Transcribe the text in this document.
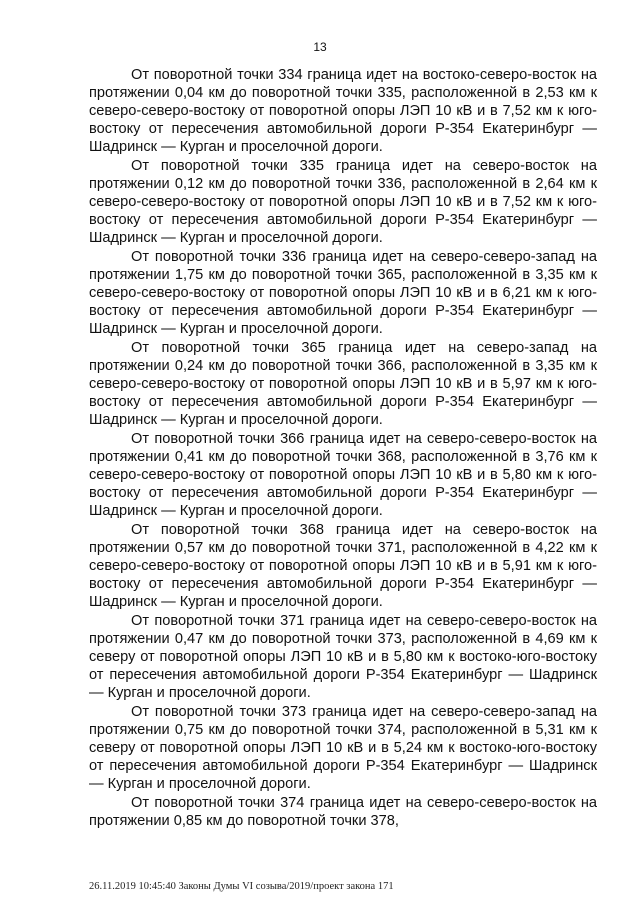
13

От поворотной точки 334 граница идет на востоко-северо-восток на протяжении 0,04 км до поворотной точки 335, расположенной в 2,53 км к северо-северо-востоку от поворотной опоры ЛЭП 10 кВ и в 7,52 км к юго-востоку от пересечения автомобильной дороги Р-354 Екатеринбург — Шадринск — Курган и проселочной дороги.

От поворотной точки 335 граница идет на северо-восток на протяжении 0,12 км до поворотной точки 336, расположенной в 2,64 км к северо-северо-востоку от поворотной опоры ЛЭП 10 кВ и в 7,52 км к юго-востоку от пересечения автомобильной дороги Р-354 Екатеринбург — Шадринск — Курган и проселочной дороги.

От поворотной точки 336 граница идет на северо-северо-запад на протяжении 1,75 км до поворотной точки 365, расположенной в 3,35 км к северо-северо-востоку от поворотной опоры ЛЭП 10 кВ и в 6,21 км к юго-востоку от пересечения автомобильной дороги Р-354 Екатеринбург — Шадринск — Курган и проселочной дороги.

От поворотной точки 365 граница идет на северо-запад на протяжении 0,24 км до поворотной точки 366, расположенной в 3,35 км к северо-северо-востоку от поворотной опоры ЛЭП 10 кВ и в 5,97 км к юго-востоку от пересечения автомобильной дороги Р-354 Екатеринбург — Шадринск — Курган и проселочной дороги.

От поворотной точки 366 граница идет на северо-северо-восток на протяжении 0,41 км до поворотной точки 368, расположенной в 3,76 км к северо-северо-востоку от поворотной опоры ЛЭП 10 кВ и в 5,80 км к юго-востоку от пересечения автомобильной дороги Р-354 Екатеринбург — Шадринск — Курган и проселочной дороги.

От поворотной точки 368 граница идет на северо-восток на протяжении 0,57 км до поворотной точки 371, расположенной в 4,22 км к северо-северо-востоку от поворотной опоры ЛЭП 10 кВ и в 5,91 км к юго-востоку от пересечения автомобильной дороги Р-354 Екатеринбург — Шадринск — Курган и проселочной дороги.

От поворотной точки 371 граница идет на северо-северо-восток на протяжении 0,47 км до поворотной точки 373, расположенной в 4,69 км к северу от поворотной опоры ЛЭП 10 кВ и в 5,80 км к востоко-юго-востоку от пересечения автомобильной дороги Р-354 Екатеринбург — Шадринск — Курган и проселочной дороги.

От поворотной точки 373 граница идет на северо-северо-запад на протяжении 0,75 км до поворотной точки 374, расположенной в 5,31 км к северу от поворотной опоры ЛЭП 10 кВ и в 5,24 км к востоко-юго-востоку от пересечения автомобильной дороги Р-354 Екатеринбург — Шадринск — Курган и проселочной дороги.

От поворотной точки 374 граница идет на северо-северо-восток на протяжении 0,85 км до поворотной точки 378,

26.11.2019 10:45:40 Законы Думы VI созыва/2019/проект закона 171
